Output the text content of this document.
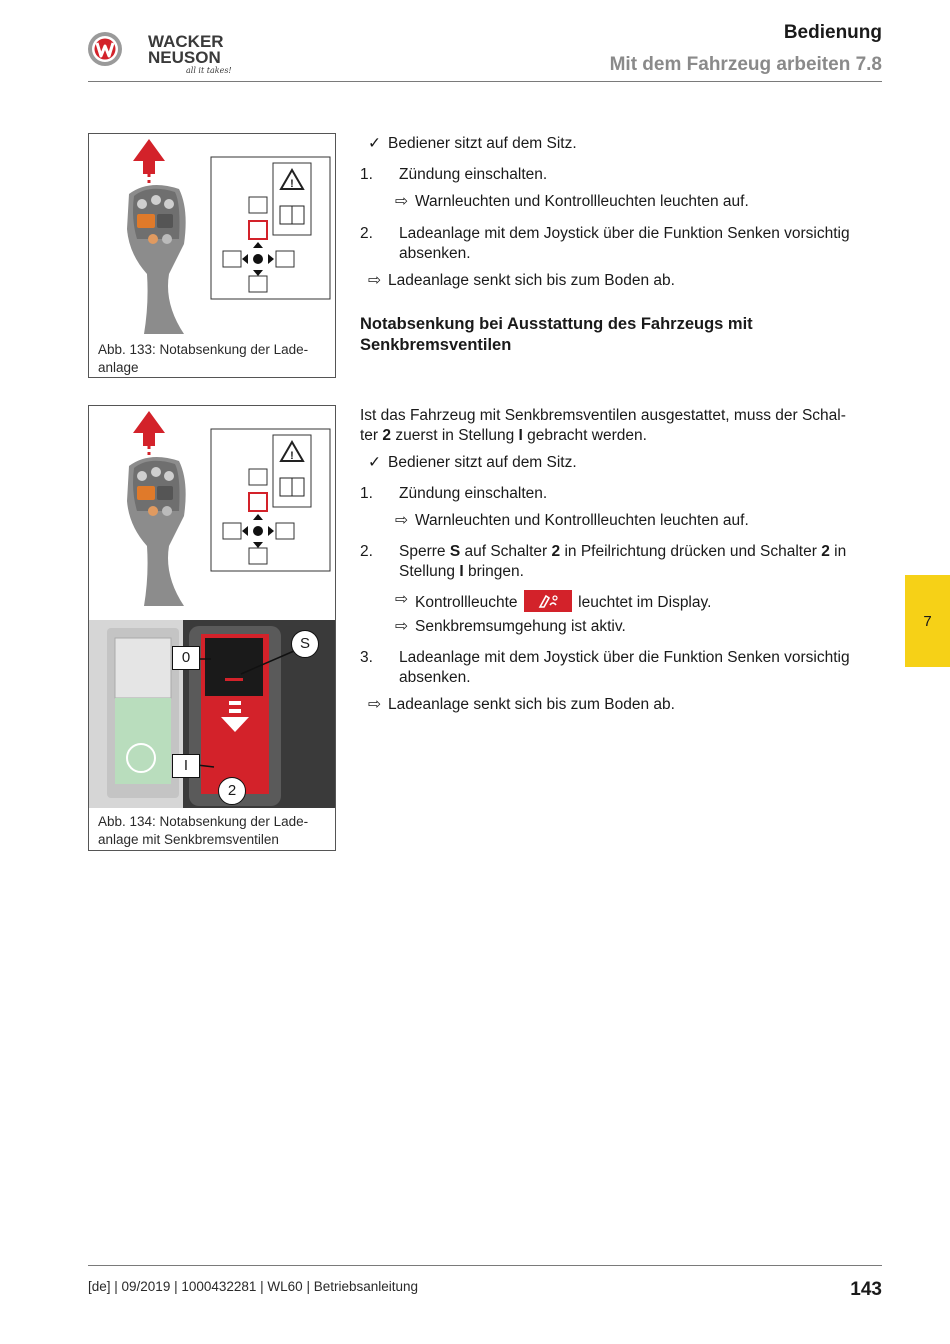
WACKER
NEUSON
all it takes!
Bedienung
Mit dem Fahrzeug arbeiten 7.8
!
Abb. 133: Notabsenkung der Lade-anlage
!
0
S
I
2
Abb. 134: Notabsenkung der Lade-anlage mit Senkbremsventilen
✓ Bediener sitzt auf dem Sitz.
1. Zündung einschalten.
⇨ Warnleuchten und Kontrollleuchten leuchten auf.
2. Ladeanlage mit dem Joystick über die Funktion Senken vorsichtig
absenken.
⇨ Ladeanlage senkt sich bis zum Boden ab.
Notabsenkung bei Ausstattung des Fahrzeugs mit
Senkbremsventilen
Ist das Fahrzeug mit Senkbremsventilen ausgestattet, muss der Schal-
ter 2 zuerst in Stellung I gebracht werden.
✓ Bediener sitzt auf dem Sitz.
1. Zündung einschalten.
⇨ Warnleuchten und Kontrollleuchten leuchten auf.
2. Sperre S auf Schalter 2 in Pfeilrichtung drücken und Schalter 2 in
Stellung I bringen.
⇨ Kontrollleuchte	leuchtet im Display.
⇨ Senkbremsumgehung ist aktiv.
3. Ladeanlage mit dem Joystick über die Funktion Senken vorsichtig
absenken.
⇨ Ladeanlage senkt sich bis zum Boden ab.
7
[de] | 09/2019 | 1000432281 | WL60 | Betriebsanleitung	143
